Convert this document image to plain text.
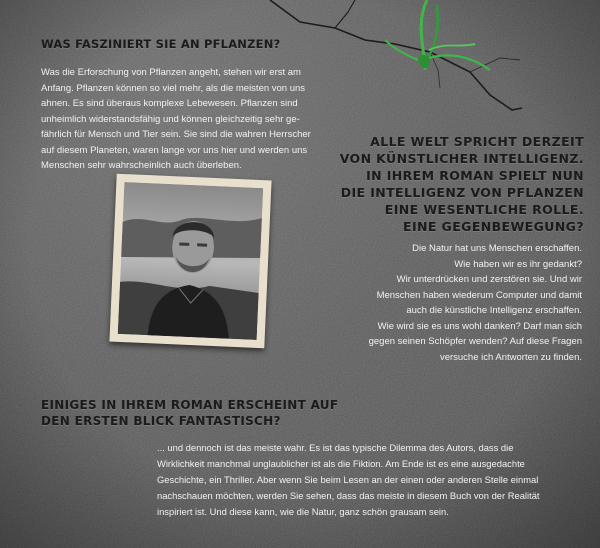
WAS FASZINIERT SIE AN PFLANZEN?
Was die Erforschung von Pflanzen angeht, stehen wir erst am
Anfang. Pflanzen können so viel mehr, als die meisten von uns
ahnen. Es sind überaus komplexe Lebewesen. Pflanzen sind
unheimlich widerstandsfähig und können gleichzeitig sehr ge-
fährlich für Mensch und Tier sein. Sie sind die wahren Herrscher
auf diesem Planeten, waren lange vor uns hier und werden uns
Menschen sehr wahrscheinlich auch überleben.
ALLE WELT SPRICHT DERZEIT
VON KÜNSTLICHER INTELLIGENZ.
IN IHREM ROMAN SPIELT NUN
DIE INTELLIGENZ VON PFLANZEN
EINE WESENTLICHE ROLLE.
EINE GEGENBEWEGUNG?
Die Natur hat uns Menschen erschaffen.
Wie haben wir es ihr gedankt?
Wir unterdrücken und zerstören sie. Und wir
Menschen haben wiederum Computer und damit
auch die künstliche Intelligenz erschaffen.
Wie wird sie es uns wohl danken? Darf man sich
gegen seinen Schöpfer wenden? Auf diese Fragen
versuche ich Antworten zu finden.
EINIGES IN IHREM ROMAN ERSCHEINT AUF
DEN ERSTEN BLICK FANTASTISCH?
... und dennoch ist das meiste wahr. Es ist das typische Dilemma des Autors, dass die
Wirklichkeit manchmal unglaublicher ist als die Fiktion. Am Ende ist es eine ausgedachte
Geschichte, ein Thriller. Aber wenn Sie beim Lesen an der einen oder anderen Stelle einmal
nachschauen möchten, werden Sie sehen, dass das meiste in diesem Buch von der Realität
inspiriert ist. Und diese kann, wie die Natur, ganz schön grausam sein.
